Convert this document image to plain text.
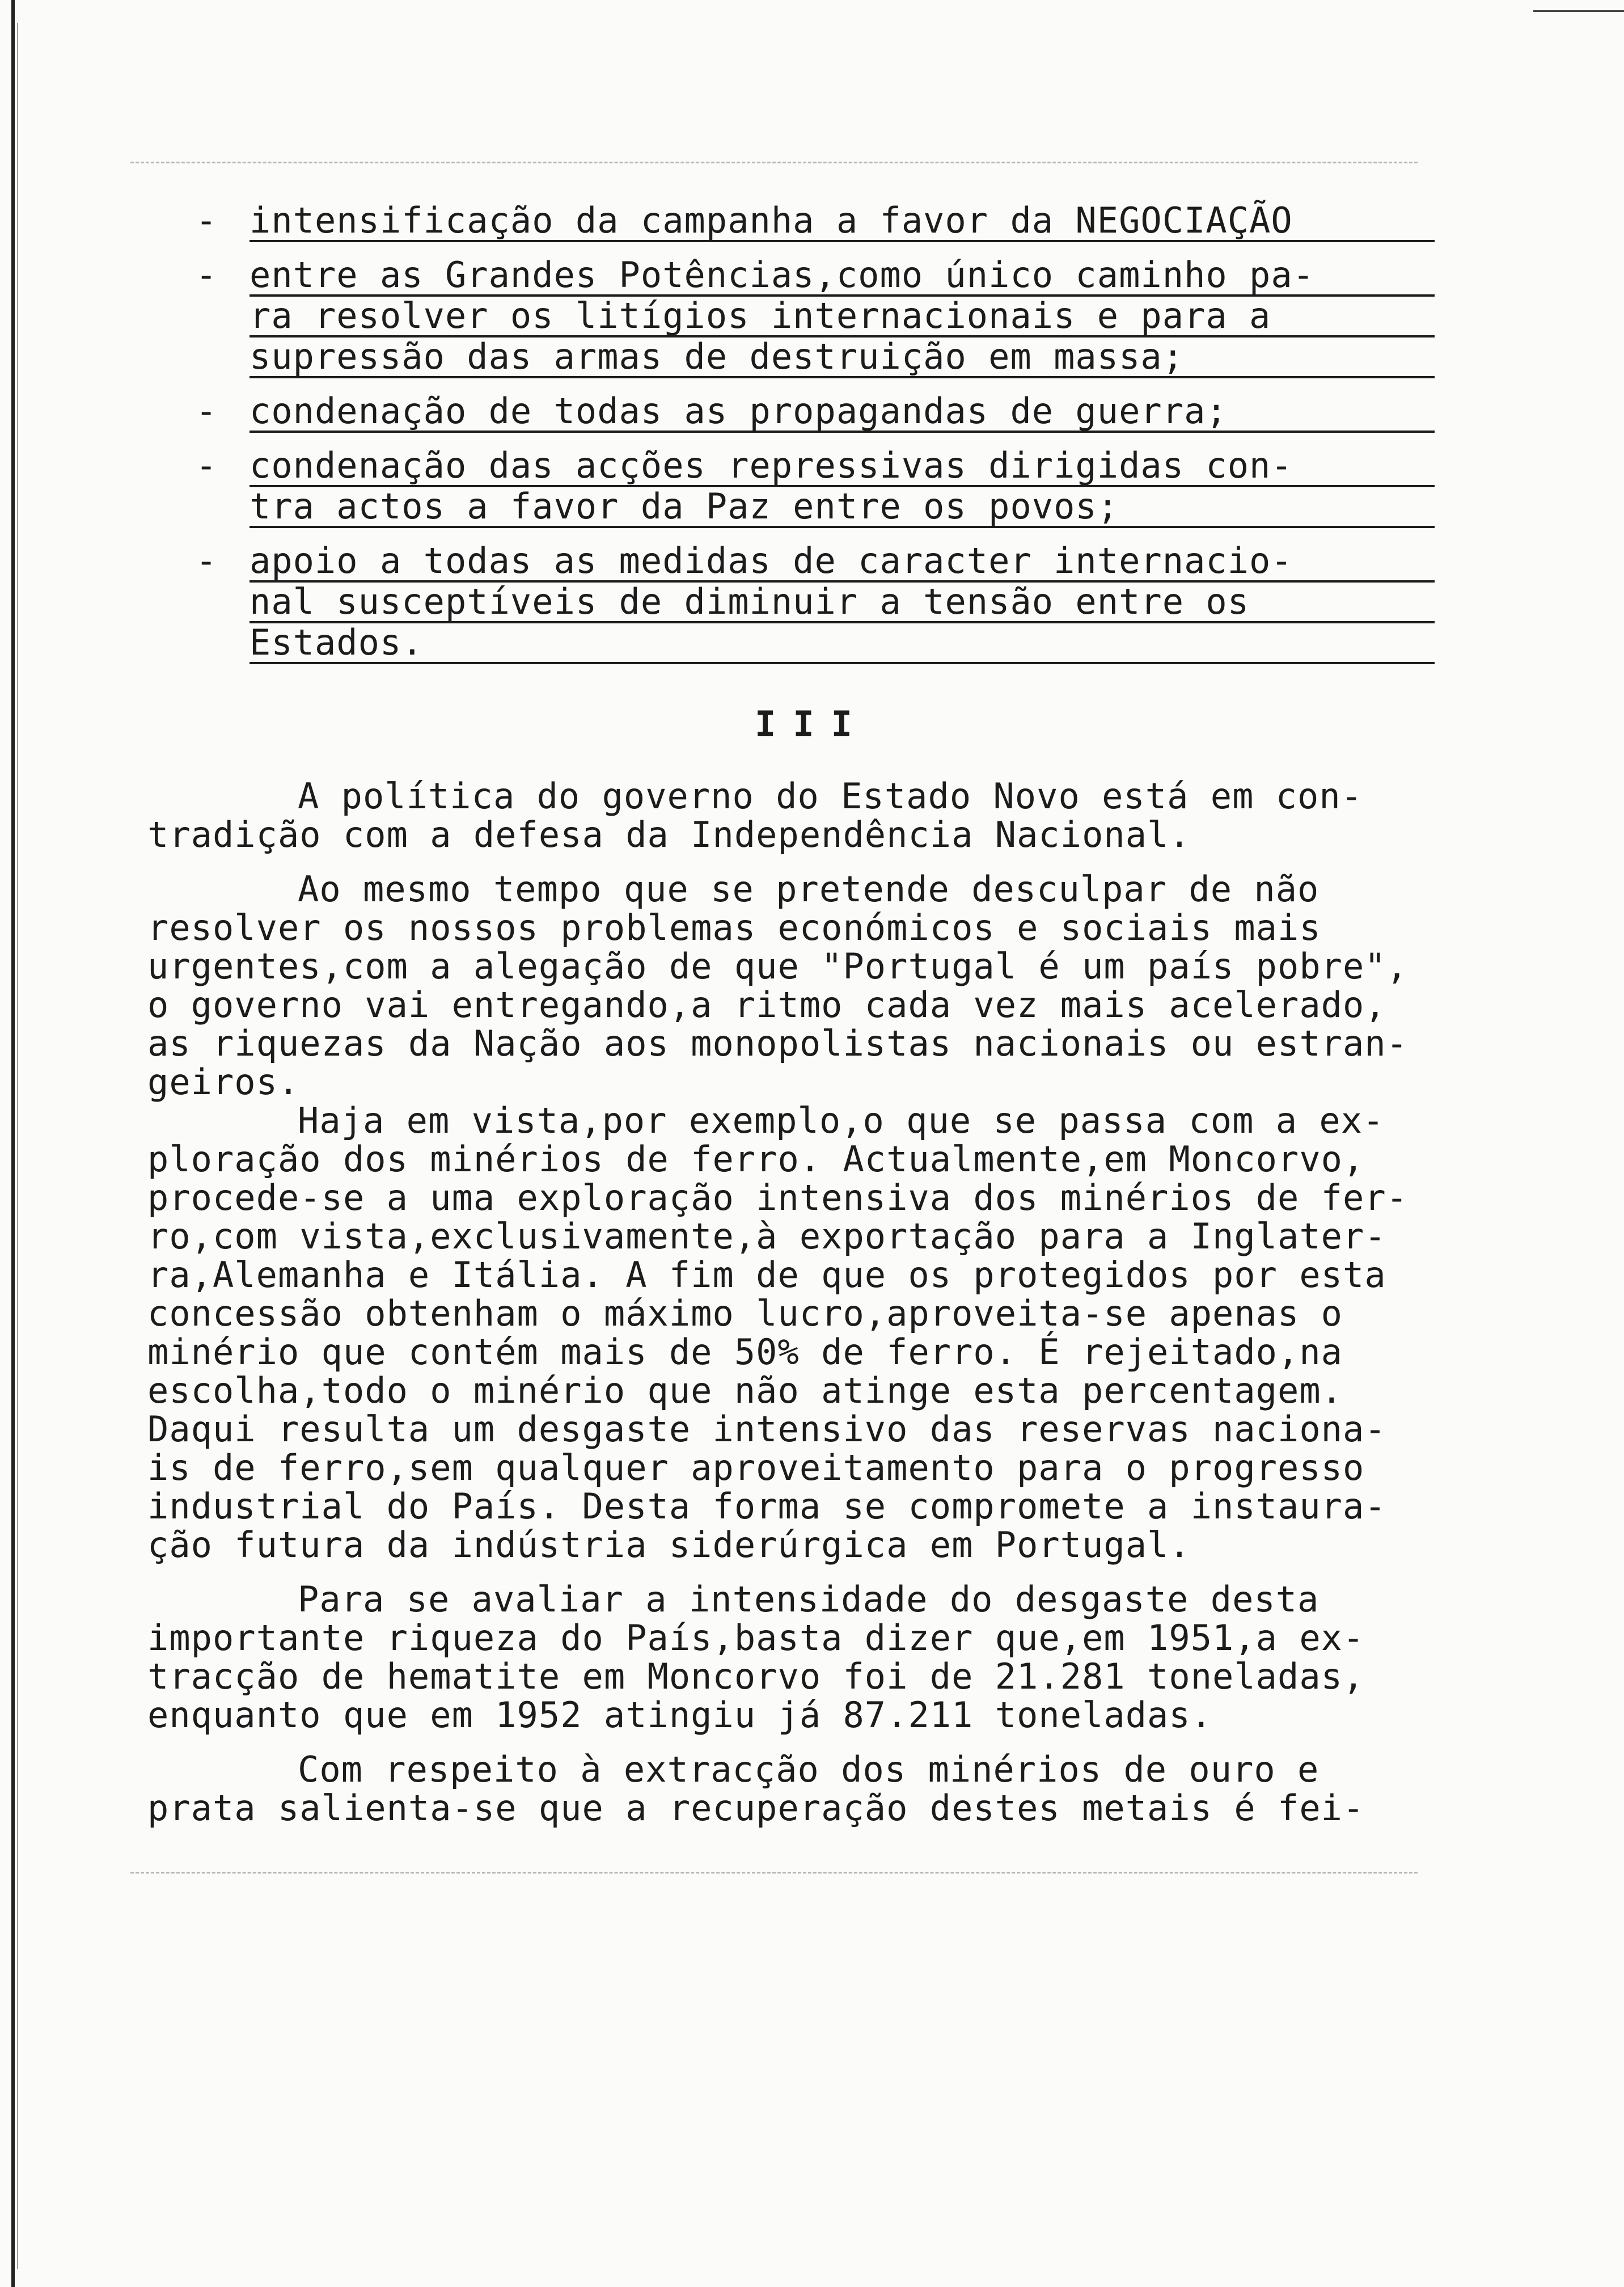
- intensificação da campanha a favor da NEGOCIAÇÃO
- entre as Grandes Potências,como único caminho pa-
ra resolver os litígios internacionais e para a
supressão das armas de destruição em massa;
- condenação de todas as propagandas de guerra;
- condenação das acções repressivas dirigidas con-
tra actos a favor da Paz entre os povos;
- apoio a todas as medidas de caracter internacio-
nal susceptíveis de diminuir a tensão entre os
Estados.
III
A política do governo do Estado Novo está em con-
tradição com a defesa da Independência Nacional.
Ao mesmo tempo que se pretende desculpar de não
resolver os nossos problemas económicos e sociais mais
urgentes,com a alegação de que "Portugal é um país pobre",
o governo vai entregando,a ritmo cada vez mais acelerado,
as riquezas da Nação aos monopolistas nacionais ou estran-
geiros.
Haja em vista,por exemplo,o que se passa com a ex-
ploração dos minérios de ferro. Actualmente,em Moncorvo,
procede-se a uma exploração intensiva dos minérios de fer-
ro,com vista,exclusivamente,à exportação para a Inglater-
ra,Alemanha e Itália. A fim de que os protegidos por esta
concessão obtenham o máximo lucro,aproveita-se apenas o
minério que contém mais de 50% de ferro. É rejeitado,na
escolha,todo o minério que não atinge esta percentagem.
Daqui resulta um desgaste intensivo das reservas naciona-
is de ferro,sem qualquer aproveitamento para o progresso
industrial do País. Desta forma se compromete a instaura-
ção futura da indústria siderúrgica em Portugal.
Para se avaliar a intensidade do desgaste desta
importante riqueza do País,basta dizer que,em 1951,a ex-
tracção de hematite em Moncorvo foi de 21.281 toneladas,
enquanto que em 1952 atingiu já 87.211 toneladas.
Com respeito à extracção dos minérios de ouro e
prata salienta-se que a recuperação destes metais é fei-
